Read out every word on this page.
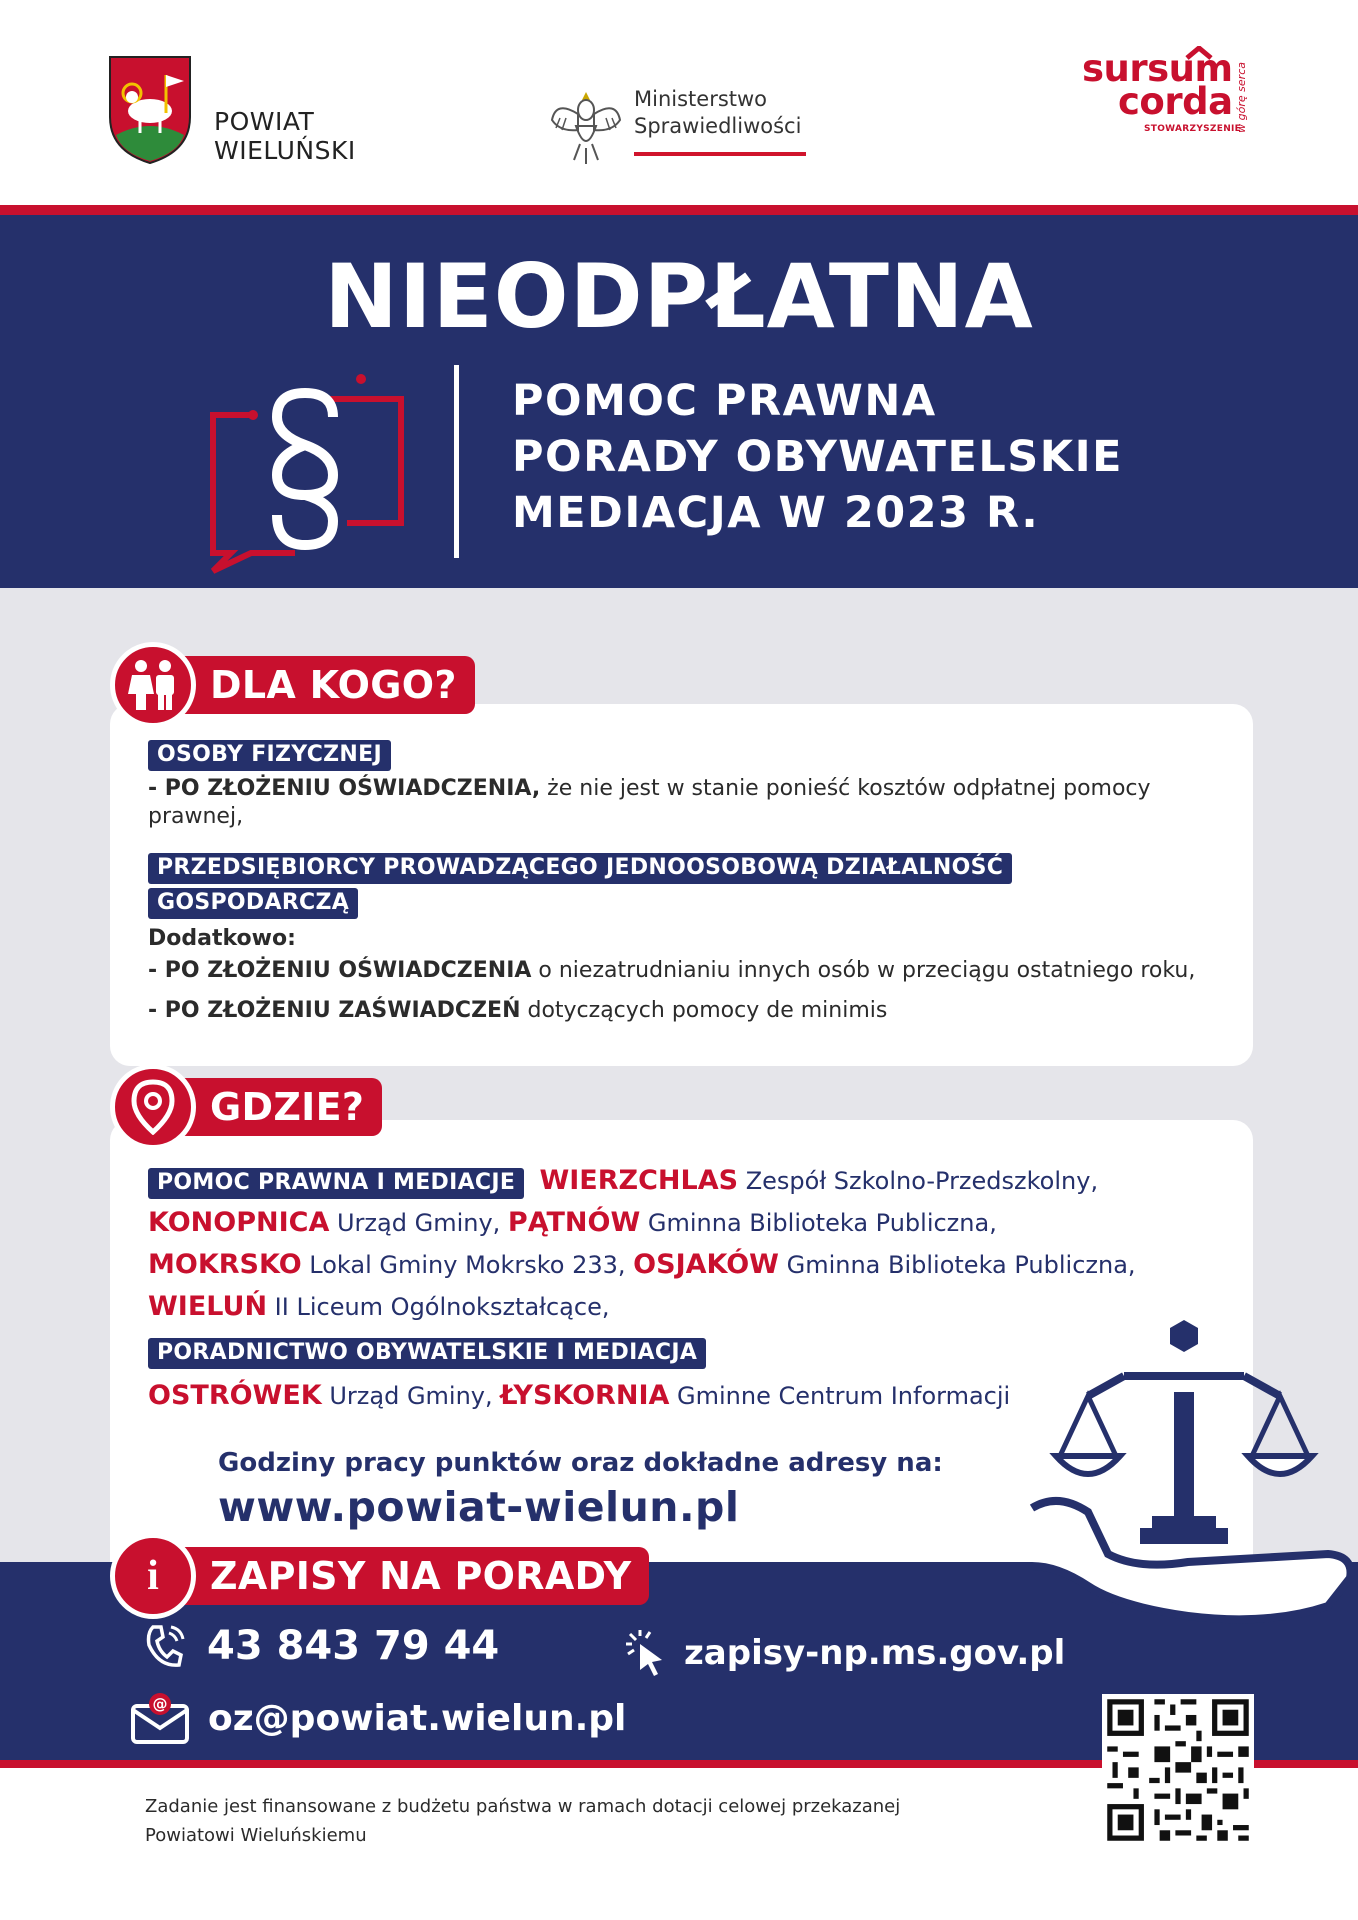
POWIAT
WIELUŃSKI
Ministerstwo
Sprawiedliwości
sursum
corda
STOWARZYSZENIE
w górę serca
NIEODPŁATNA
POMOC PRAWNA
PORADY OBYWATELSKIE
MEDIACJA W 2023 R.
OSOBY FIZYCZNEJ
- PO ZŁOŻENIU OŚWIADCZENIA, że nie jest w stanie ponieść kosztów odpłatnej pomocy
prawnej,
PRZEDSIĘBIORCY PROWADZĄCEGO JEDNOOSOBOWĄ DZIAŁALNOŚĆ
GOSPODARCZĄ
Dodatkowo:
- PO ZŁOŻENIU OŚWIADCZENIA o niezatrudnianiu innych osób w przeciągu ostatniego roku,
- PO ZŁOŻENIU ZAŚWIADCZEŃ dotyczących pomocy de minimis
DLA KOGO?
POMOC PRAWNA I MEDIACJE WIERZCHLAS Zespół Szkolno-Przedszkolny,
KONOPNICA Urząd Gminy, PĄTNÓW Gminna Biblioteka Publiczna,
MOKRSKO Lokal Gminy Mokrsko 233, OSJAKÓW Gminna Biblioteka Publiczna,
WIELUŃ II Liceum Ogólnokształcące,
PORADNICTWO OBYWATELSKIE I MEDIACJA
OSTRÓWEK Urząd Gminy, ŁYSKORNIA Gminne Centrum Informacji
GDZIE?
Godziny pracy punktów oraz dokładne adresy na:
www.powiat-wielun.pl
i	ZAPISY NA PORADY
43 843 79 44	zapisy-np.ms.gov.pl
@ oz@powiat.wielun.pl
Zadanie jest finansowane z budżetu państwa w ramach dotacji celowej przekazanej
Powiatowi Wieluńskiemu
